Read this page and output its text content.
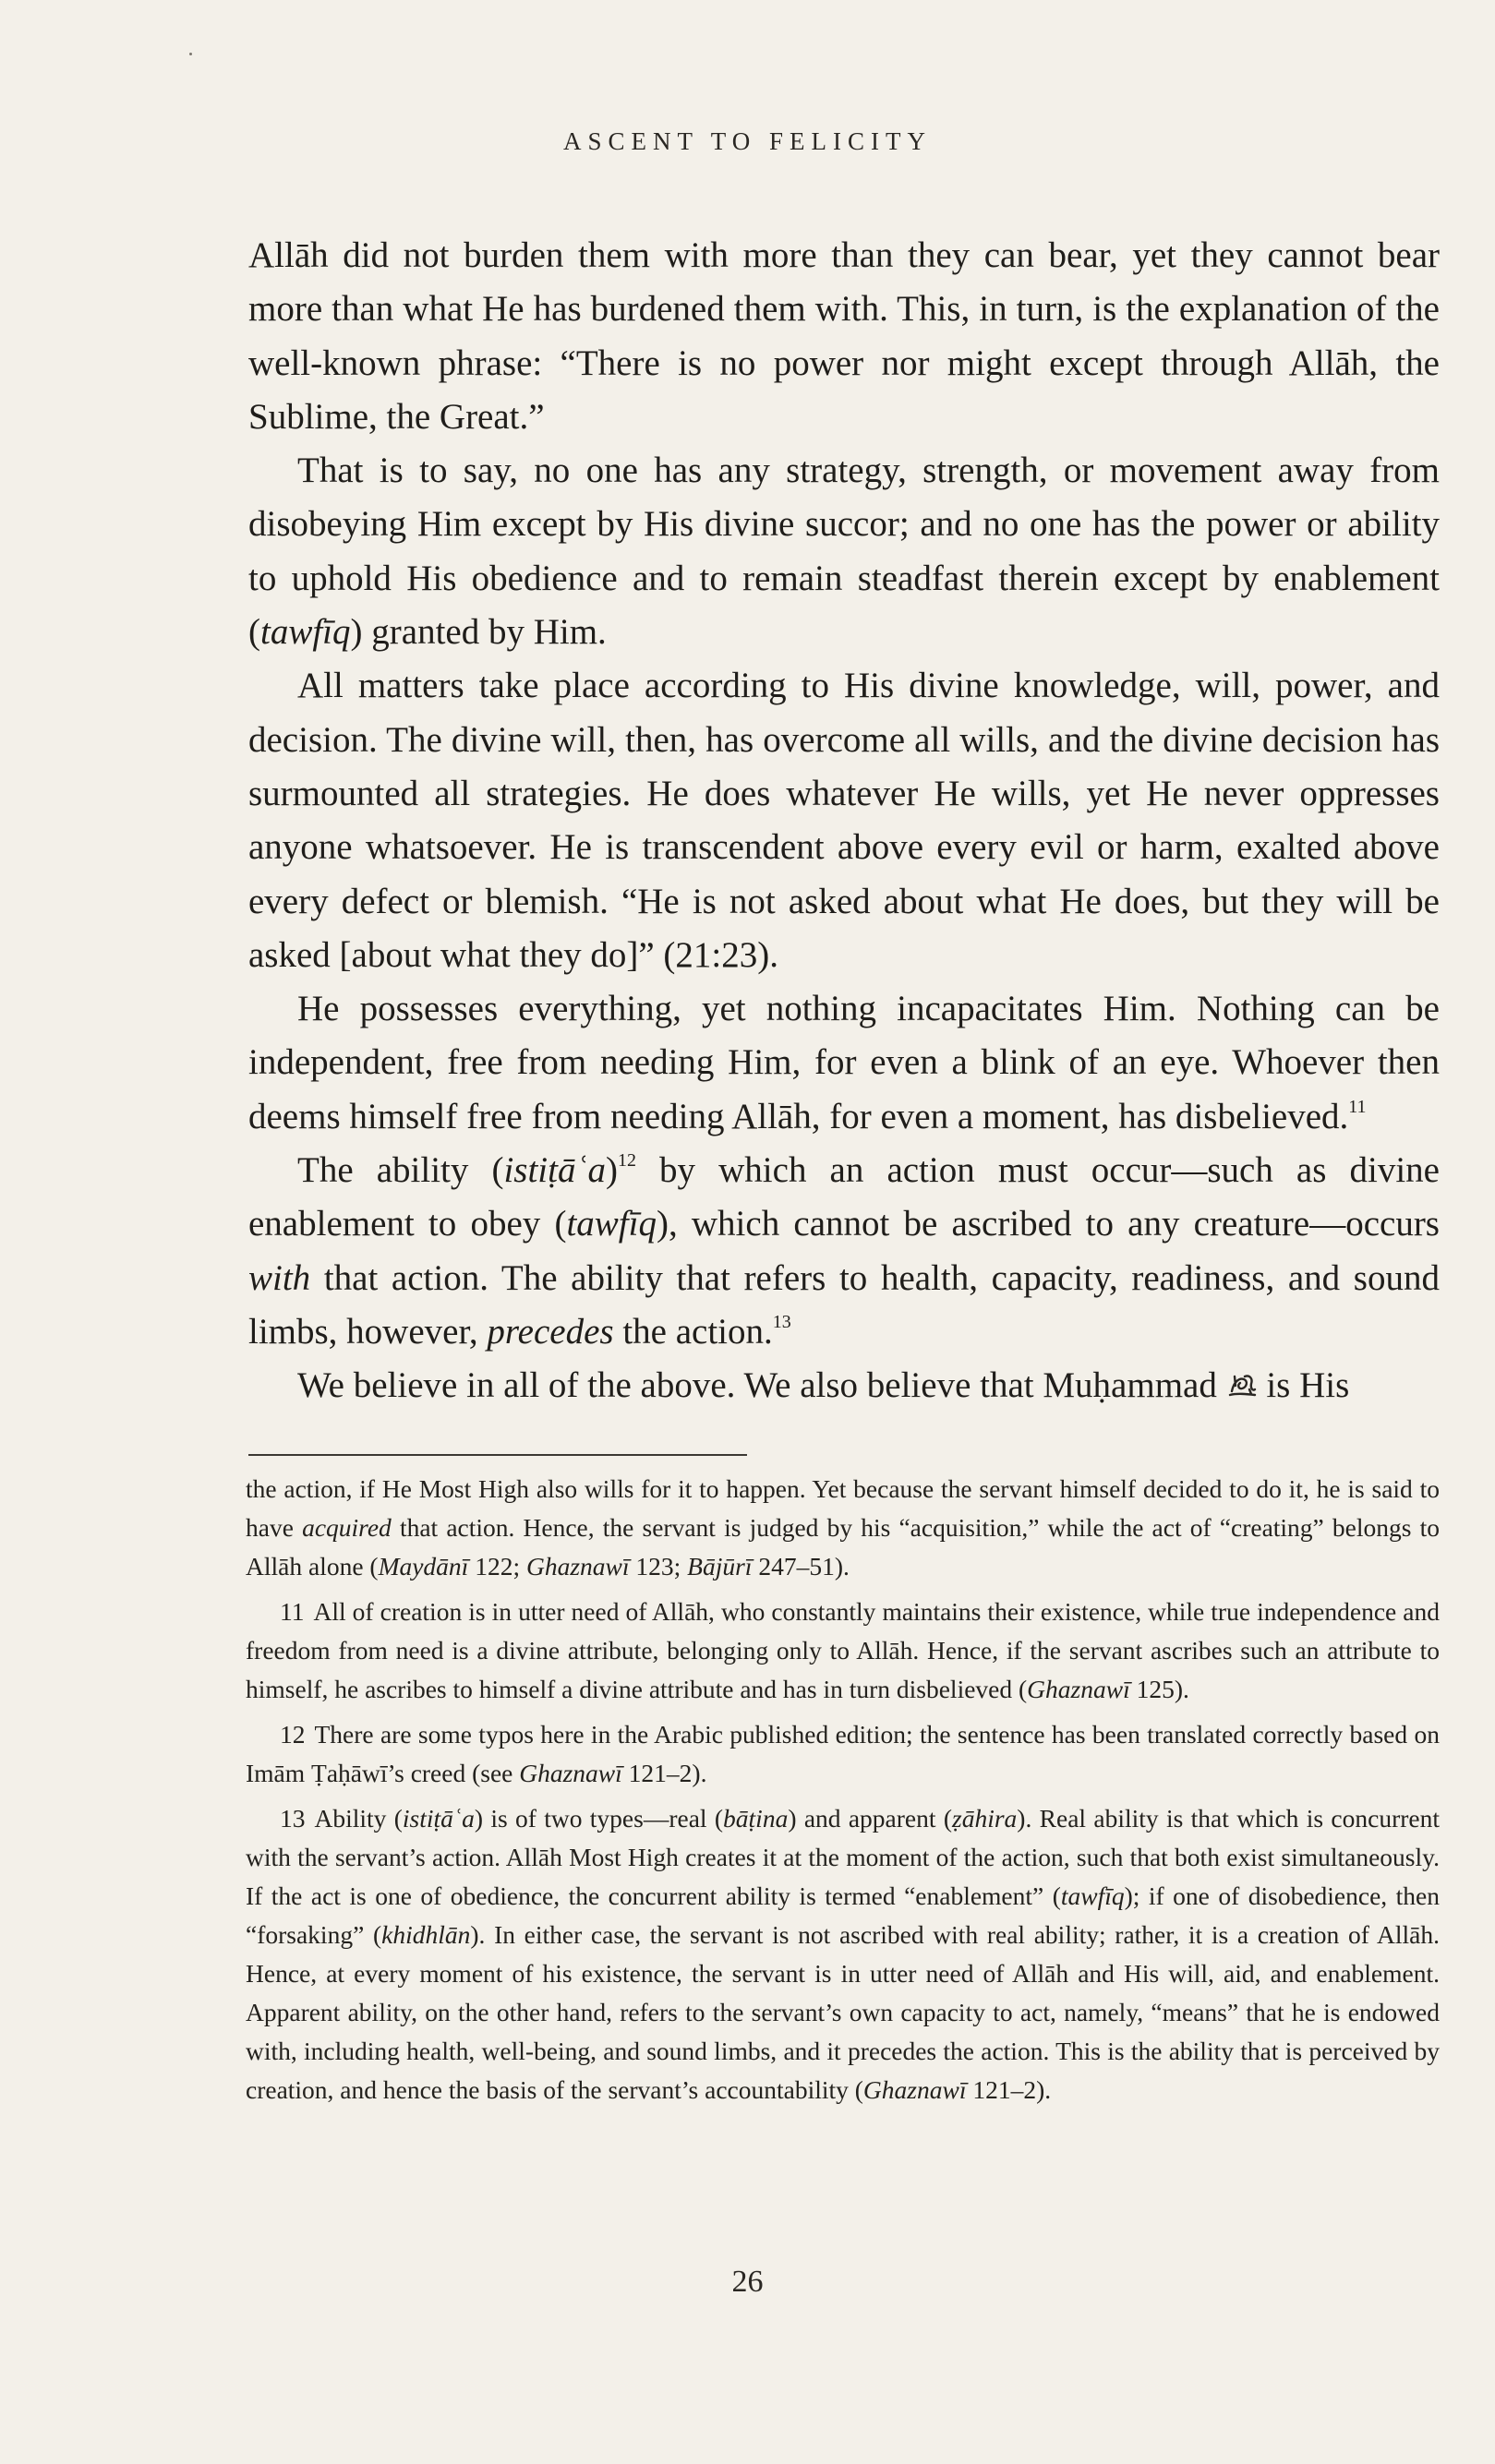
ASCENT TO FELICITY

Allāh did not burden them with more than they can bear, yet they cannot bear more than what He has burdened them with. This, in turn, is the explanation of the well-known phrase: “There is no power nor might except through Allāh, the Sublime, the Great.”

That is to say, no one has any strategy, strength, or movement away from disobeying Him except by His divine succor; and no one has the power or ability to uphold His obedience and to remain steadfast therein except by enablement (tawfīq) granted by Him.

All matters take place according to His divine knowledge, will, power, and decision. The divine will, then, has overcome all wills, and the divine decision has surmounted all strategies. He does whatever He wills, yet He never oppresses anyone whatsoever. He is transcendent above every evil or harm, exalted above every defect or blemish. “He is not asked about what He does, but they will be asked [about what they do]” (21:23).

He possesses everything, yet nothing incapacitates Him. Nothing can be independent, free from needing Him, for even a blink of an eye. Whoever then deems himself free from needing Allāh, for even a moment, has disbelieved.$^{11}$

The ability (istiṭāʿa)$^{12}$ by which an action must occur—such as divine enablement to obey (tawfīq), which cannot be ascribed to any creature—occurs with that action. The ability that refers to health, capacity, readiness, and sound limbs, however, precedes the action.$^{13}$

We believe in all of the above. We also believe that Muḥammad  is His

the action, if He Most High also wills for it to happen. Yet because the servant himself decided to do it, he is said to have acquired that action. Hence, the servant is judged by his “acquisition,” while the act of “creating” belongs to Allāh alone (Maydānī 122; Ghaznawī 123; Bājūrī 247–51).

11 All of creation is in utter need of Allāh, who constantly maintains their existence, while true independence and freedom from need is a divine attribute, belonging only to Allāh. Hence, if the servant ascribes such an attribute to himself, he ascribes to himself a divine attribute and has in turn disbelieved (Ghaznawī 125).

12 There are some typos here in the Arabic published edition; the sentence has been translated correctly based on Imām Ṭaḥāwī’s creed (see Ghaznawī 121–2).

13 Ability (istiṭāʿa) is of two types—real (bāṭina) and apparent (ẓāhira). Real ability is that which is concurrent with the servant’s action. Allāh Most High creates it at the moment of the action, such that both exist simultaneously. If the act is one of obedience, the concurrent ability is termed “enablement” (tawfīq); if one of disobedience, then “forsaking” (khidhlān). In either case, the servant is not ascribed with real ability; rather, it is a creation of Allāh. Hence, at every moment of his existence, the servant is in utter need of Allāh and His will, aid, and enablement. Apparent ability, on the other hand, refers to the servant’s own capacity to act, namely, “means” that he is endowed with, including health, well-being, and sound limbs, and it precedes the action. This is the ability that is perceived by creation, and hence the basis of the servant’s accountability (Ghaznawī 121–2).

26
